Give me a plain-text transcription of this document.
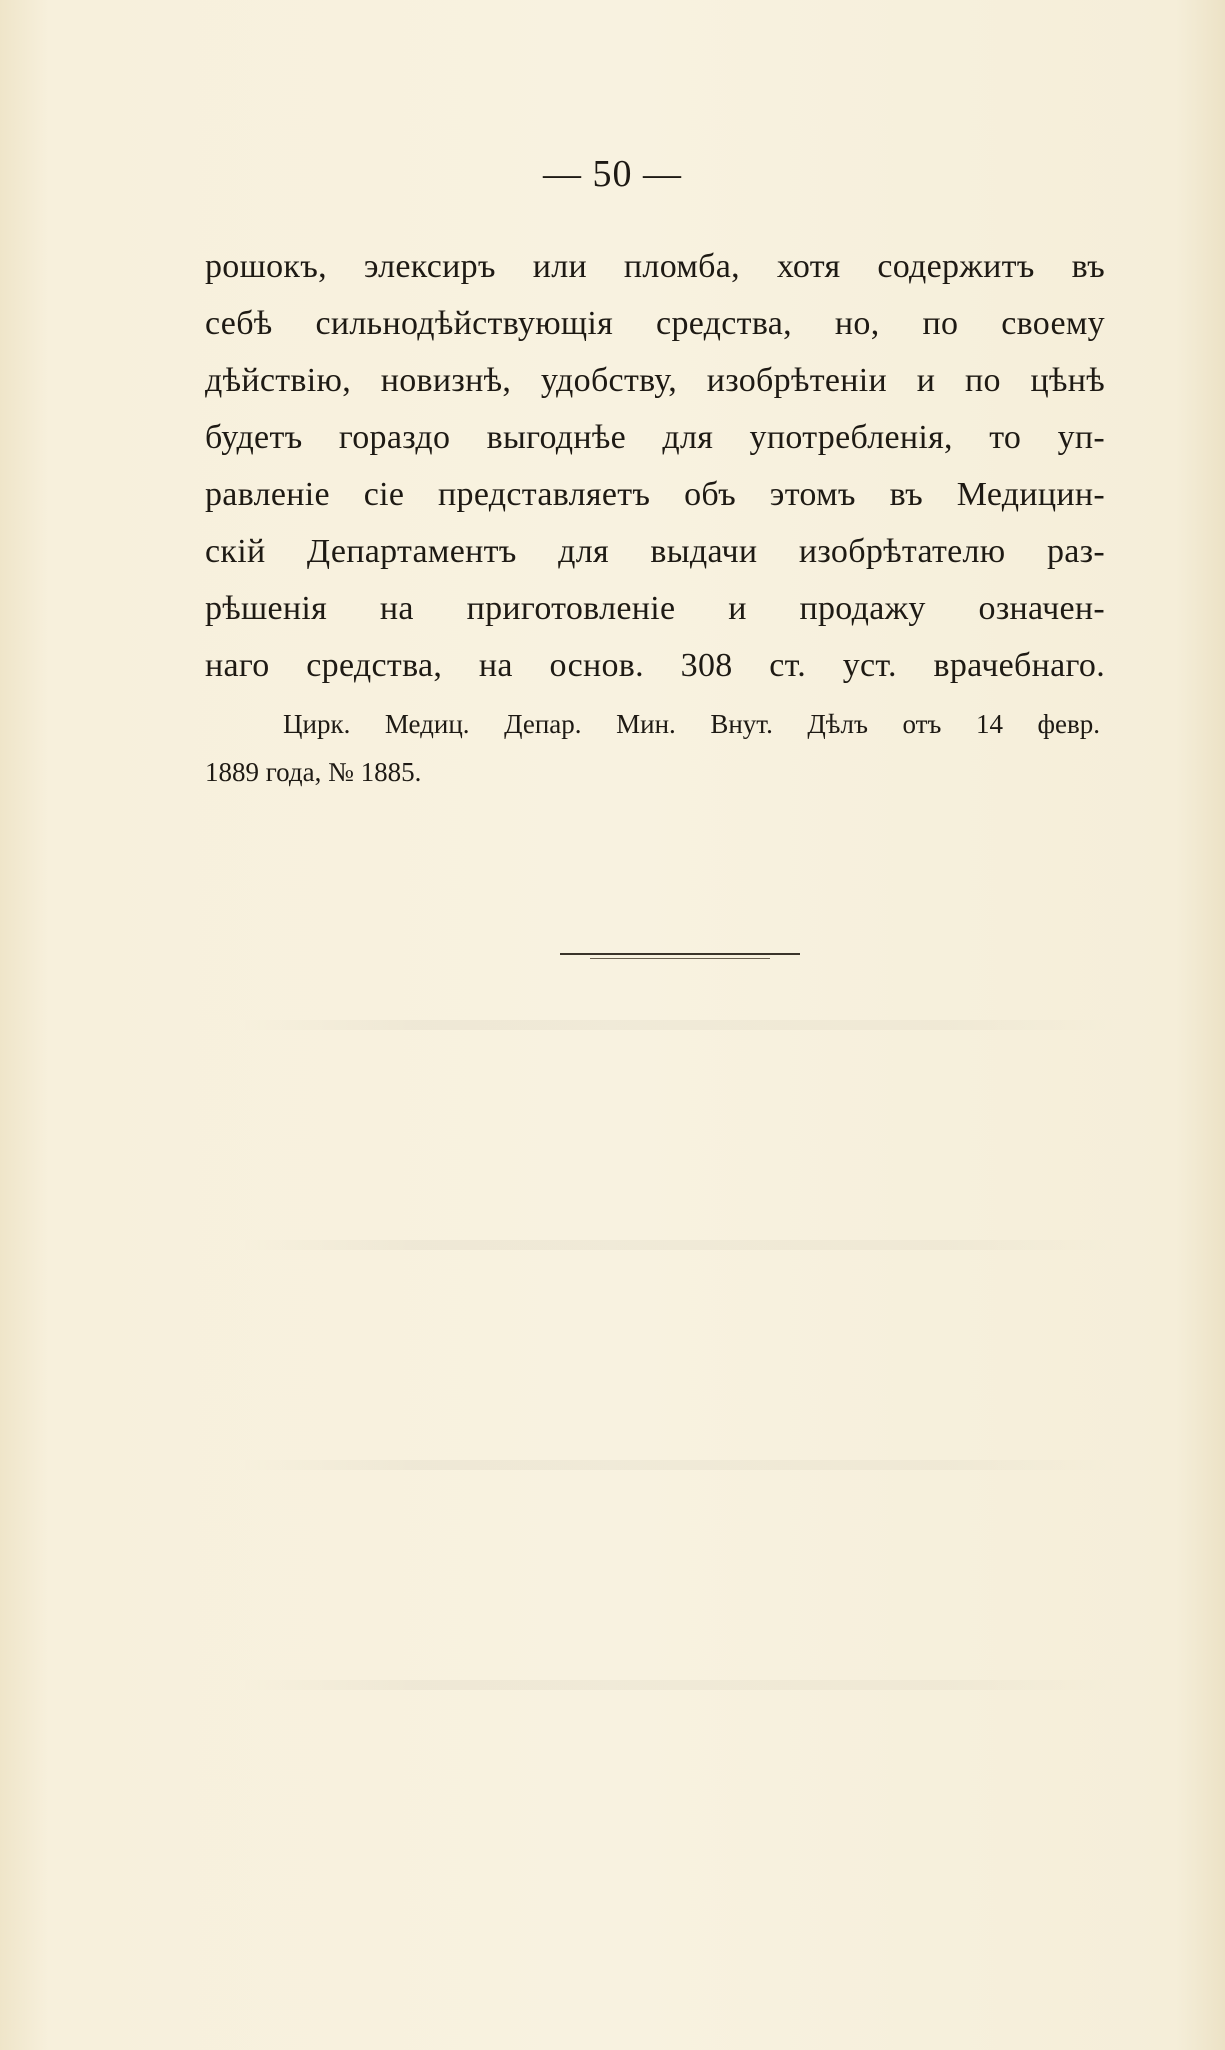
— 50 —
рошокъ, элексиръ или пломба, хотя содержитъ въ
себѣ сильнодѣйствующія средства, но, по своему
дѣйствію, новизнѣ, удобству, изобрѣтеніи и по цѣнѣ
будетъ гораздо выгоднѣе для употребленія, то уп-
равленіе сіе представляетъ объ этомъ въ Медицин-
скій Департаментъ для выдачи изобрѣтателю раз-
рѣшенія на приготовленіе и продажу означен-
наго средства, на основ. 308 ст. уст. врачебнаго.
Цирк. Медиц. Депар. Мин. Внут. Дѣлъ отъ 14 февр.
1889 года, № 1885.
